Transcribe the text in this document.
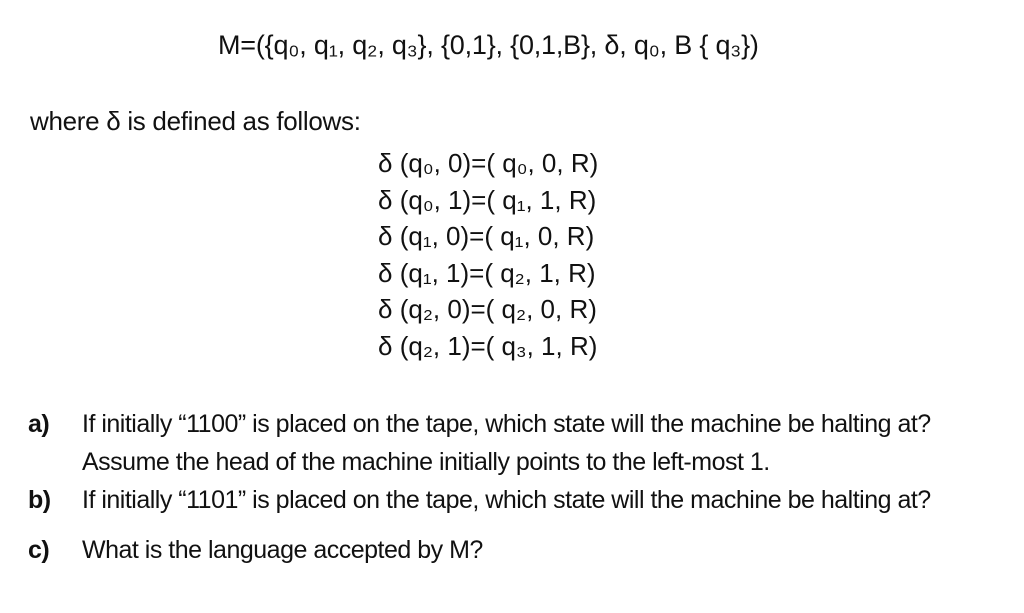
M=({q₀, q₁, q₂, q₃}, {0,1}, {0,1,B}, δ, q₀, B { q₃})
where δ is defined as follows:
δ (q₀, 0)=( q₀, 0, R)
δ (q₀, 1)=( q₁, 1, R)
δ (q₁, 0)=( q₁, 0, R)
δ (q₁, 1)=( q₂, 1, R)
δ (q₂, 0)=( q₂, 0, R)
δ (q₂, 1)=( q₃, 1, R)
a)	If initially “1100” is placed on the tape, which state will the machine be halting at? Assume the head of the machine initially points to the left-most 1.
b)	If initially “1101” is placed on the tape, which state will the machine be halting at?
c)	What is the language accepted by M?
